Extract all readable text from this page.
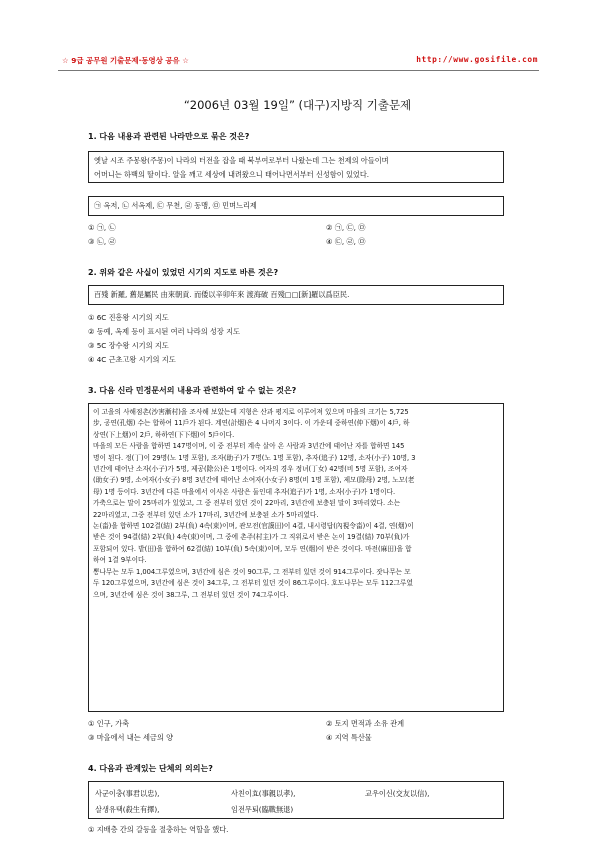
☆ 9급 공무원 기출문제·동영상 공유 ☆	http://www.gosifile.com
“2006년 03월 19일” (대구)지방직 기출문제
1. 다음 내용과 관련된 나라만으로 묶은 것은?
옛날 시조 주몽왕(주몽)이 나라의 터전을 잡을 때 북부여로부터 나왔는데 그는 천제의 아들이며
어머니는 하백의 딸이다. 알을 깨고 세상에 내려왔으니 태어나면서부터 신성함이 있었다.
㉠ 옥저, ㉡ 서옥제, ㉢ 무천, ㉣ 동맹, ㉤ 민며느리제
① ㉠, ㉡	② ㉠, ㉢, ㉤
③ ㉡, ㉣	④ ㉢, ㉣, ㉤
2. 위와 같은 사실이 있었던 시기의 지도로 바른 것은?
百殘 新羅, 舊是屬民 由來朝貢. 而倭以辛卯年來 渡海破 百殘□□[新]羅以爲臣民.
① 6C 진흥왕 시기의 지도
② 동예, 옥제 등이 표시된 여러 나라의 성장 지도
③ 5C 장수왕 시기의 지도
④ 4C 근초고왕 시기의 지도
3. 다음 신라 민정문서의 내용과 관련하여 알 수 없는 것은?

이 고을의 사해점촌(沙害漸村)을 조사해 보았는데 지형은 산과 평지로 이루어져 있으며 마을의 크기는 5,725

步, 공연(孔烟) 수는 합하여 11戶가 된다. 계연(計烟)은 4 나머지 3이다. 이 가운데 중하연(仲下烟)이 4戶, 하

상연(下上烟)이 2戶, 하하연(下下烟)이 5戶이다.

마을의 모든 사람을 합하면 147명이며, 이 중 전부터 계속 살아 온 사람과 3년간에 태어난 자를 합하면 145

명이 된다. 정(丁)이 29명(노 1명 포함), 조자(助子)가 7명(노 1명 포함), 추자(追子) 12명, 소자(小子) 10명, 3

년간에 태어난 소자(小子)가 5명, 제공(除公)은 1명이다. 여자의 경우 정녀(丁女) 42명(비 5명 포함), 조여자

(助女子) 9명, 소여자(小女子) 8명 3년간에 태어난 소여자(小女子) 8명(비 1명 포함), 제모(除母) 2명, 노모(老

母) 1명 등이다. 3년간에 다른 마을에서 이사온 사람은 둘인데 추자(追子)가 1명, 소자(小子)가 1명이다.

가축으로는 말이 25마리가 있었고, 그 중 전부터 있던 것이 22마리, 3년간에 보충된 말이 3마리였다. 소는

22마리였고, 그중 전부터 있던 소가 17마리, 3년간에 보충된 소가 5마리였다.

논(畓)을 합하면 102결(結) 2부(負) 4속(束)이며, 관모전(官謨田)이 4결, 내시령답(內視令畓)이 4결, 연(烟)이

받은 것이 94결(結) 2부(負) 4속(束)이며, 그 중에 촌주(村主)가 그 직위로서 받은 논이 19결(結) 70부(負)가

포함되어 있다. 밭(田)을 합하여 62결(結) 10부(負) 5속(束)이며, 모두 연(烟)이 받은 것이다. 마전(麻田)을 합

하여 1결 9부이다.

뽕나무는 모두 1,004그루였으며, 3년간에 심은 것이 90그루, 그 전부터 있던 것이 914그루이다. 잣나무는 모

두 120그루였으며, 3년간에 심은 것이 34그루, 그 전부터 있던 것이 86그루이다. 호도나무는 모두 112그루였

으며, 3년간에 심은 것이 38그루, 그 전부터 있던 것이 74그루이다.

① 인구, 가축	② 토지 면적과 소유 관계
③ 마을에서 내는 세금의 양	④ 지역 특산물
4. 다음과 관계있는 단체의 의의는?
사군이충(事君以忠),	사친이효(事親以孝),	교우이신(交友以信),
살생유택(殺生有擇),	임전무퇴(臨戰無退)
① 지배층 간의 갈등을 절충하는 역할을 했다.
